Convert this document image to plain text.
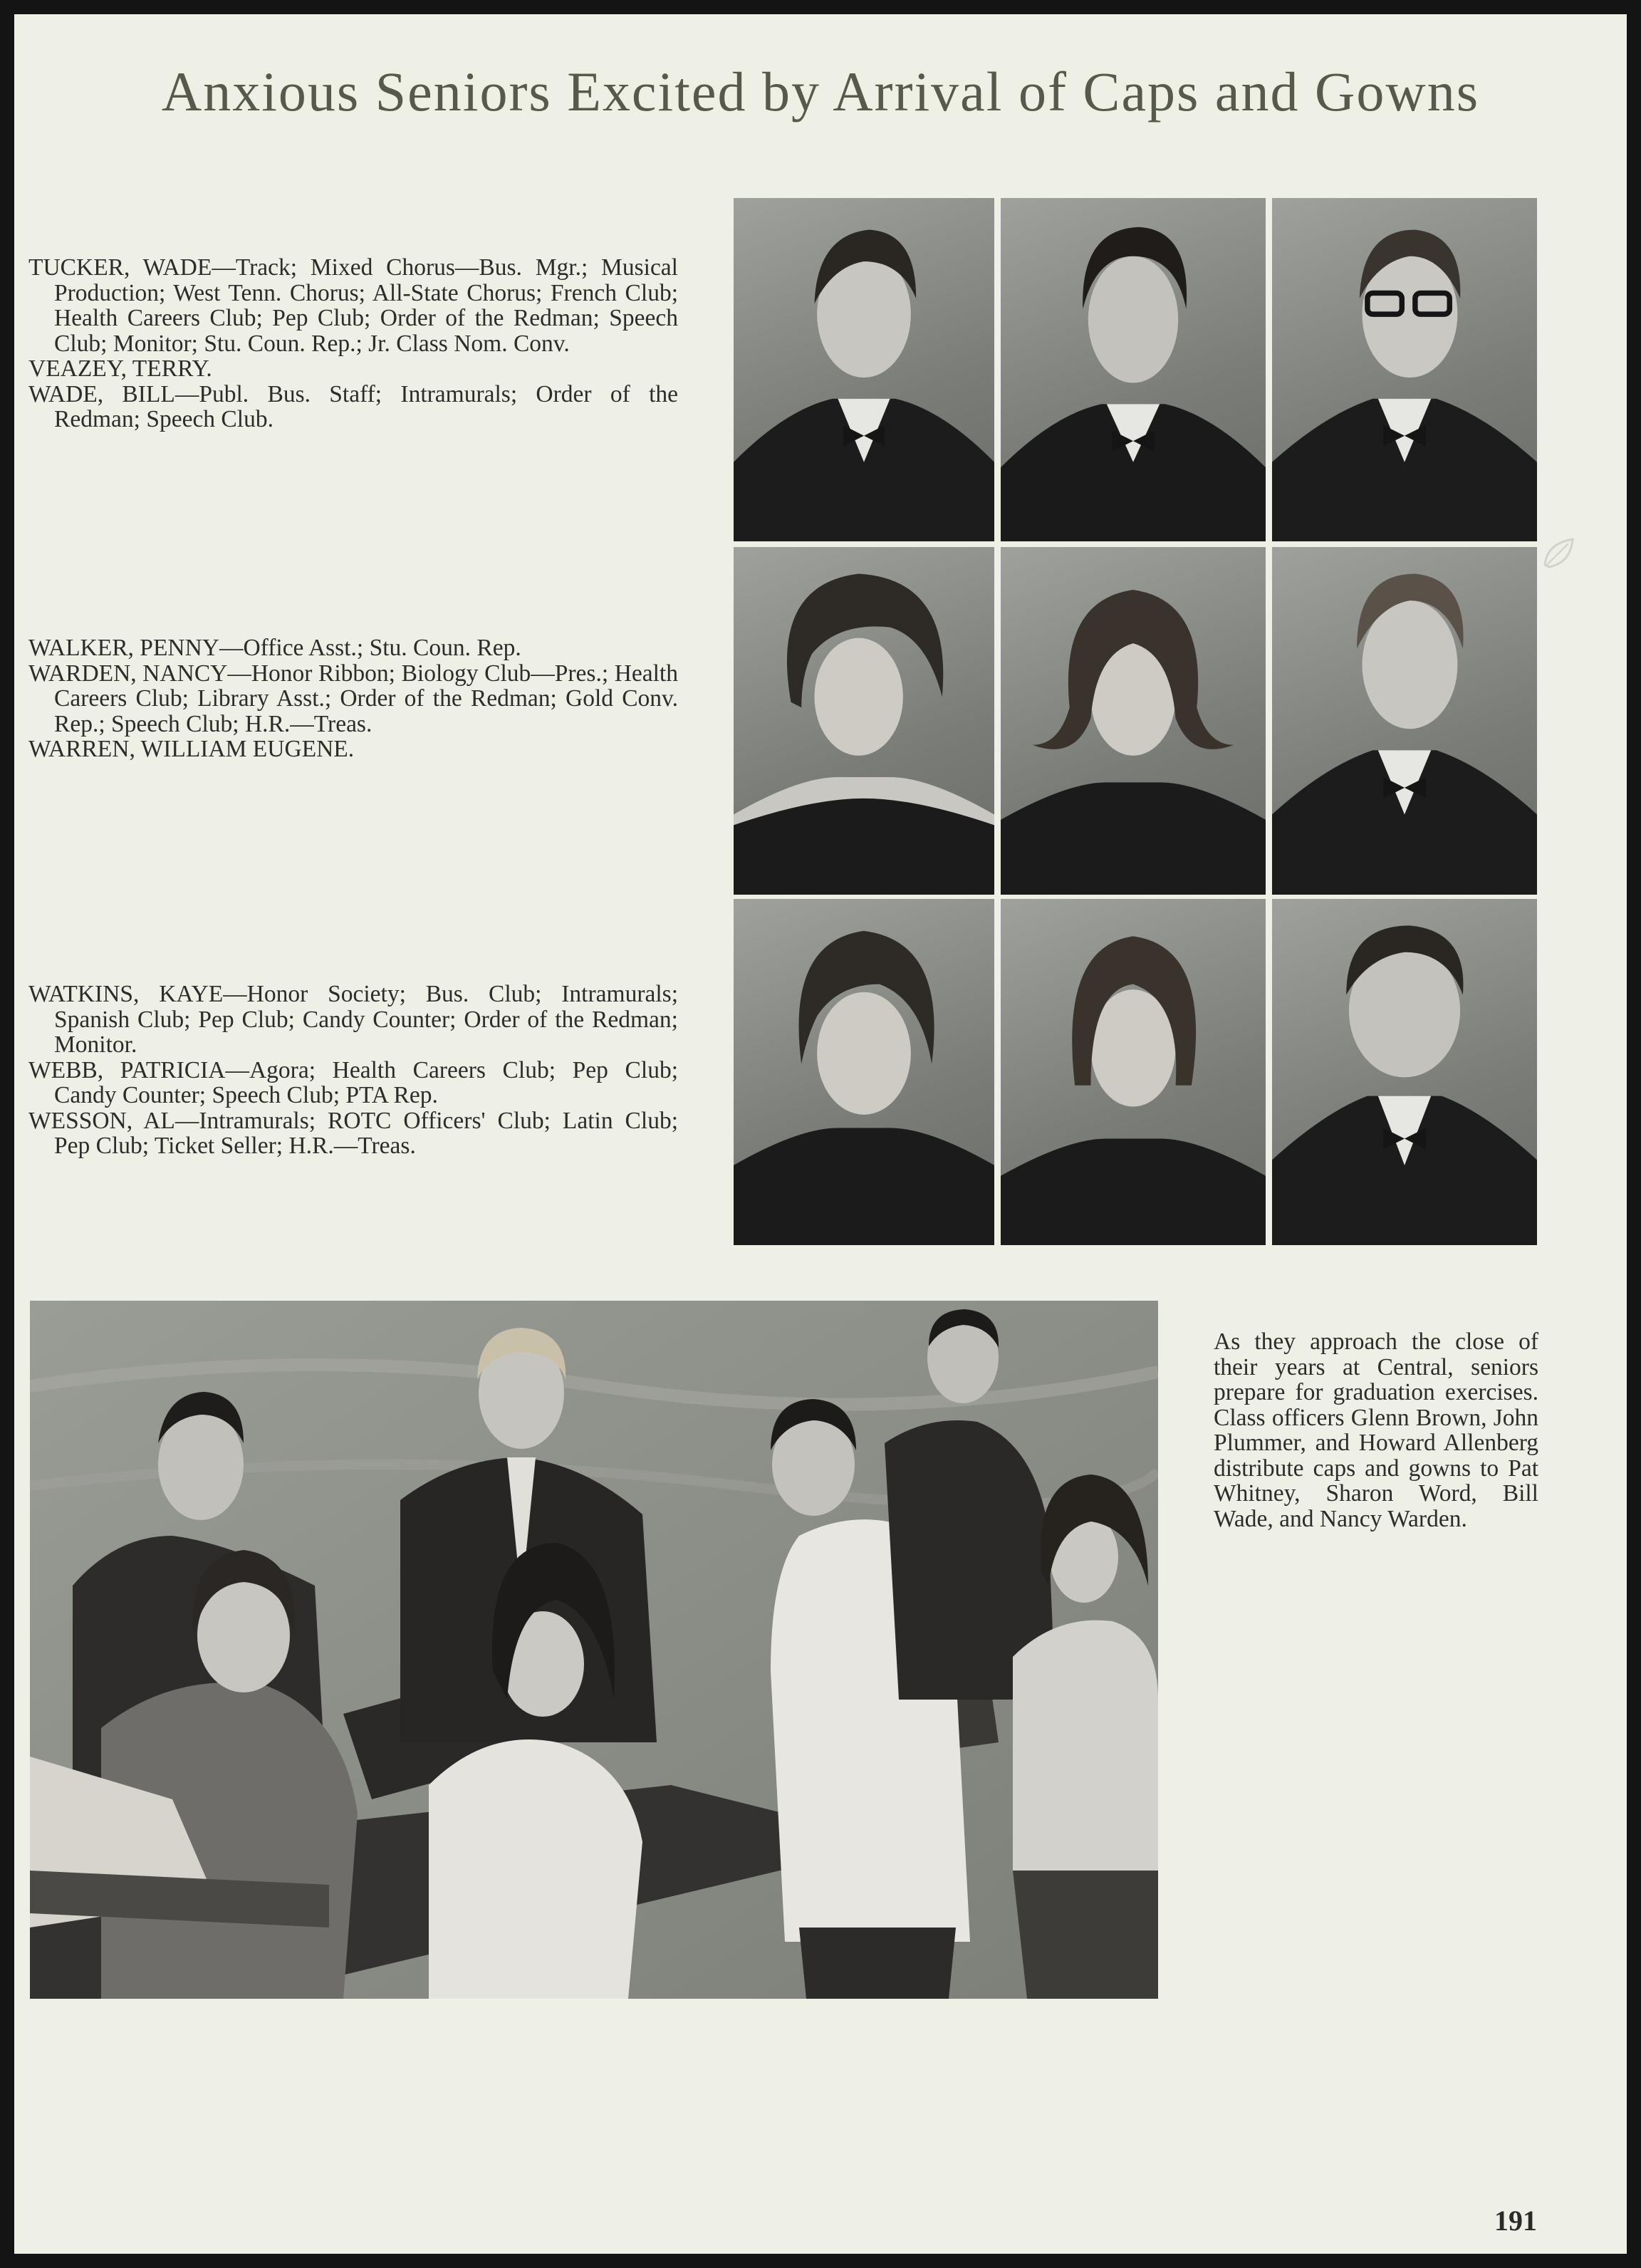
Anxious Seniors Excited by Arrival of Caps and Gowns

TUCKER, WADE—Track; Mixed Chorus—Bus. Mgr.; Musical Production; West Tenn. Chorus; All-State Chorus; French Club; Health Careers Club; Pep Club; Order of the Redman; Speech Club; Monitor; Stu. Coun. Rep.; Jr. Class Nom. Conv.

VEAZEY, TERRY.

WADE, BILL—Publ. Bus. Staff; Intramurals; Order of the Redman; Speech Club.

WALKER, PENNY—Office Asst.; Stu. Coun. Rep.

WARDEN, NANCY—Honor Ribbon; Biology Club—Pres.; Health Careers Club; Library Asst.; Order of the Redman; Gold Conv. Rep.; Speech Club; H.R.—Treas.

WARREN, WILLIAM EUGENE.

WATKINS, KAYE—Honor Society; Bus. Club; Intramurals; Spanish Club; Pep Club; Candy Counter; Order of the Redman; Monitor.

WEBB, PATRICIA—Agora; Health Careers Club; Pep Club; Candy Counter; Speech Club; PTA Rep.

WESSON, AL—Intramurals; ROTC Officers' Club; Latin Club; Pep Club; Ticket Seller; H.R.—Treas.

As they approach the close of their years at Central, seniors prepare for graduation exercises. Class officers Glenn Brown, John Plummer, and Howard Allenberg distribute caps and gowns to Pat Whitney, Sharon Word, Bill Wade, and Nancy Warden.

191
